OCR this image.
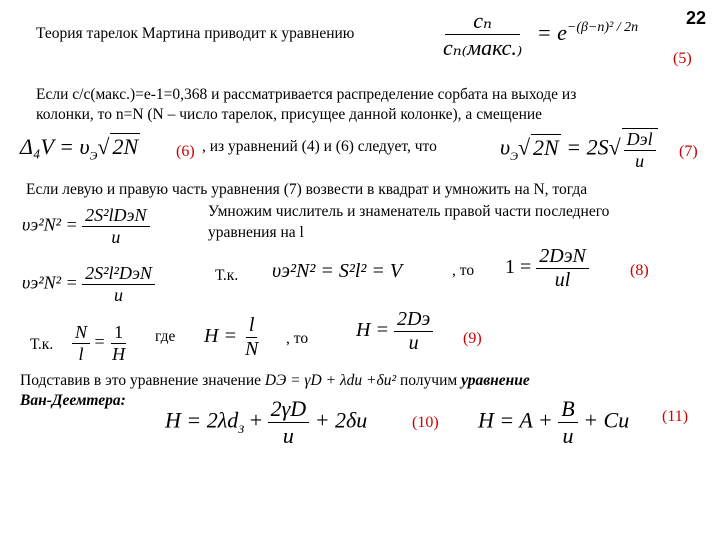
22
Теория тарелок Мартина приводит к уравнению	$\frac{\text{cₙ}}{\text{cₙ₍макс.₎}} = e^{-(\beta-n)^2 / 2n}$
(5)
Если c/c(макс.)=e-1=0,368 и рассматривается распределение сорбата на выходе из
колонки, то n=N (N – число тарелок, присущее данной колонке), а смещение
$\Delta_4V = \upsilon_Э√$ 2N (6) , из уравнений (4) и (6) следует, что	$\upsilon_Э√$ $2N = 2S√ \frac{\text{Dэl}}{u} (7)$
Если левую и правую часть уравнения (7) возвести в квадрат и умножить на N, тогда
$\upsilon э^2N^2 = \frac{\text{2S²lDэN}}{u}$	Умножим числитель и знаменатель правой части последнего
уравнения на l
$\upsilon э^2N^2 = \frac{\text{2S²l²DэN}}{u}$	Т.к. υэ²N² = S²l² = V	, то $1 = \frac{\text{2DэN}}{ul}$	(8)
Т.к. $\frac{N}{l} = \frac{1}{H}$ где $H = \frac{l}{N}$ , то $H = \frac{2Dэ}{u} (9)$
Подставив в это уравнение значение DЭ = γD + λdu +δu² получим уравнение
Ван-Деемтера:
$H = 2\lambda d_З + \frac{2\gamma D}{u} + 2\delta u$	(10) $H = A + \frac{B}{u} + Cu$ (11)
